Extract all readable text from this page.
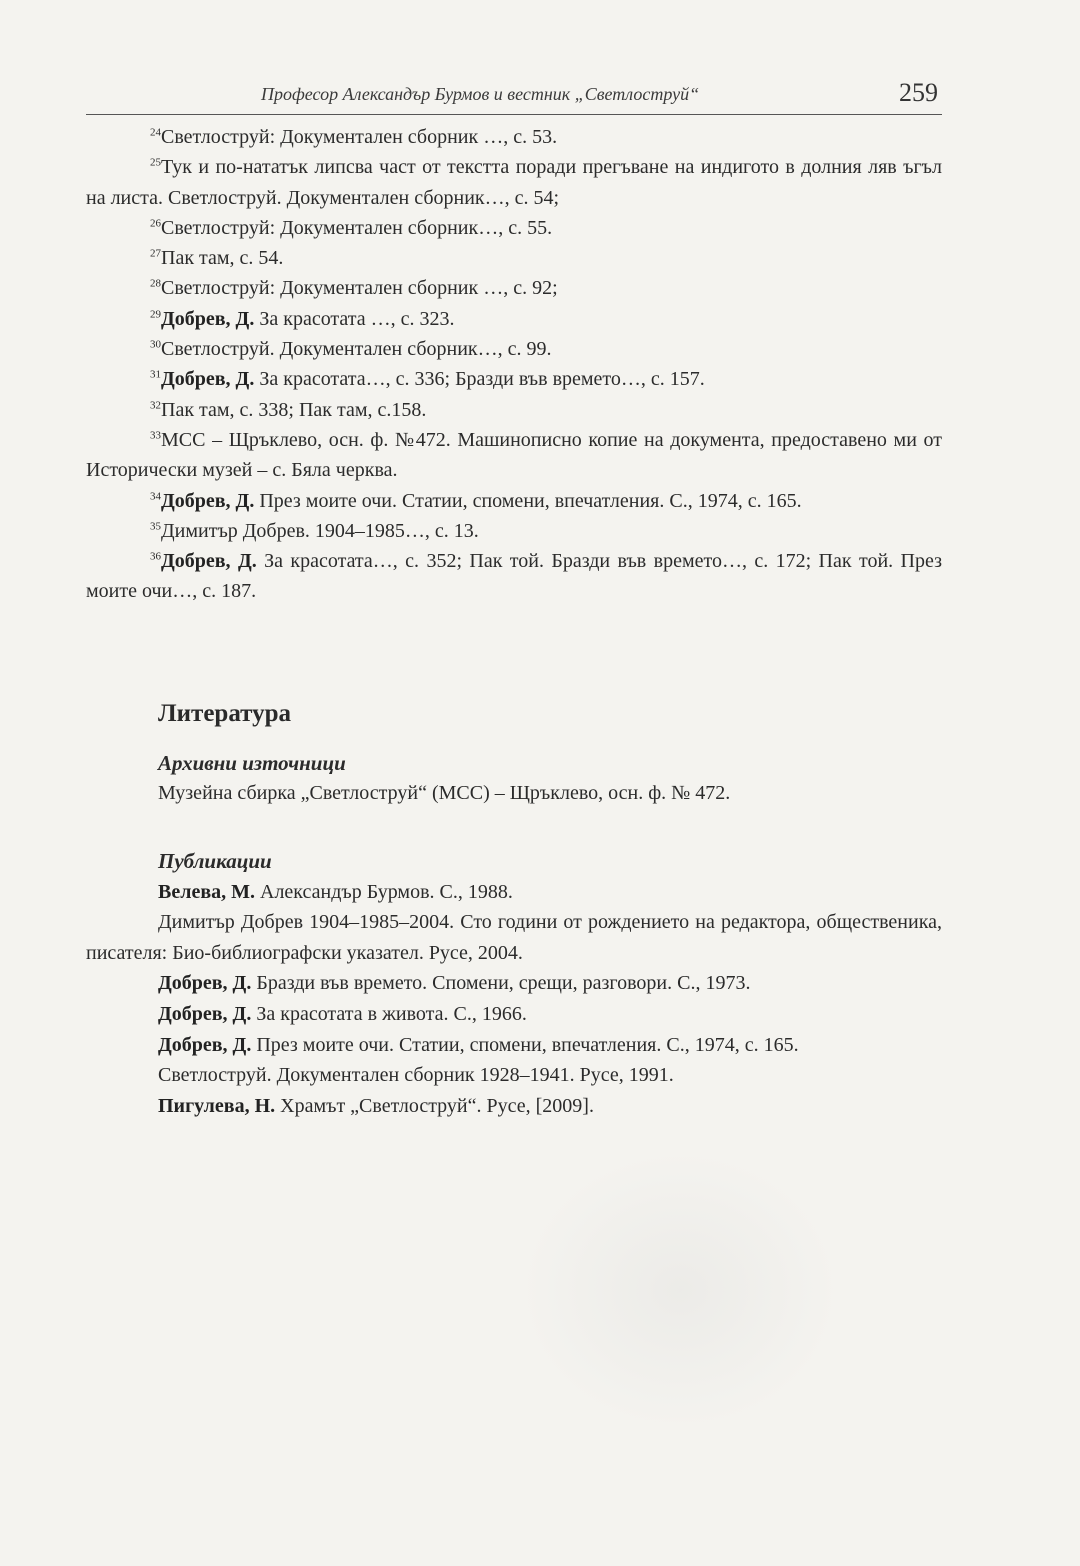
Професор Александър Бурмов и вестник „Светлоструй“	259
$^{24}$Светлоструй: Документален сборник …, с. 53.
$^{25}$Тук и по-нататък липсва част от текстта поради прегъване на индигото в долния ляв ъгъл на листа. Светлоструй. Документален сборник…, с. 54;
$^{26}$Светлоструй: Документален сборник…, с. 55.
$^{27}$Пак там, с. 54.
$^{28}$Светлоструй: Документален сборник …, с. 92;
$^{29}$Добрев, Д. За красотата …, с. 323.
$^{30}$Светлоструй. Документален сборник…, с. 99.
$^{31}$Добрев, Д. За красотата…, с. 336; Бразди във времето…, с. 157.
$^{32}$Пак там, с. 338; Пак там, с.158.
$^{33}$МСС – Щръклево, осн. ф. №472. Машинописно копие на документа, предоставено ми от Исторически музей – с. Бяла черква.
$^{34}$Добрев, Д. През моите очи. Статии, спомени, впечатления. С., 1974, с. 165.
$^{35}$Димитър Добрев. 1904–1985…, с. 13.
$^{36}$Добрев, Д. За красотата…, с. 352; Пак той. Бразди във времето…, с. 172; Пак той. През моите очи…, с. 187.
Литература
Архивни източници
Музейна сбирка „Светлоструй“ (МСС) – Щръклево, осн. ф. № 472.
Публикации
Велева, М. Александър Бурмов. С., 1988.
Димитър Добрев 1904–1985–2004. Сто години от рождението на редактора, общественика, писателя: Био-библиографски указател. Русе, 2004.
Добрев, Д. Бразди във времето. Спомени, срещи, разговори. С., 1973.
Добрев, Д. За красотата в живота. С., 1966.
Добрев, Д. През моите очи. Статии, спомени, впечатления. С., 1974, с. 165.
Светлоструй. Документален сборник 1928–1941. Русе, 1991.
Пигулева, Н. Храмът „Светлоструй“. Русе, [2009].
